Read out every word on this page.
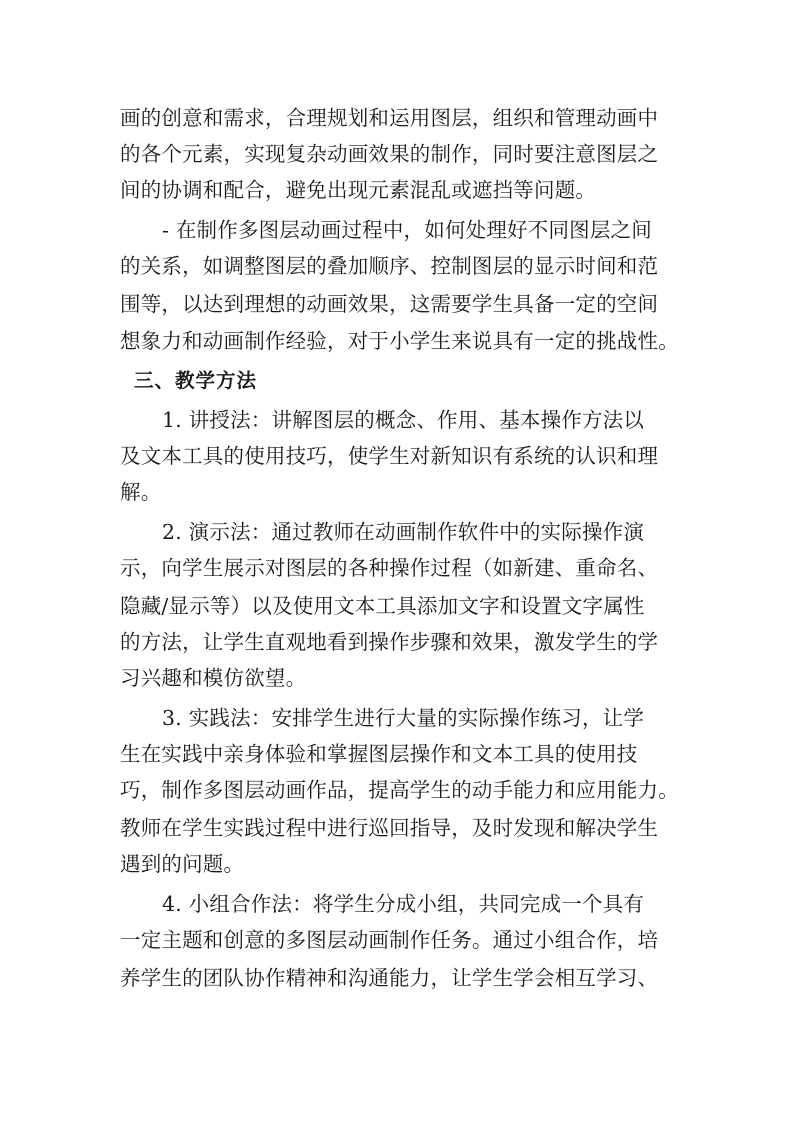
画的创意和需求，合理规划和运用图层，组织和管理动画中
的各个元素，实现复杂动画效果的制作，同时要注意图层之
间的协调和配合，避免出现元素混乱或遮挡等问题。
- 在制作多图层动画过程中，如何处理好不同图层之间
的关系，如调整图层的叠加顺序、控制图层的显示时间和范
围等，以达到理想的动画效果，这需要学生具备一定的空间
想象力和动画制作经验，对于小学生来说具有一定的挑战性。
三、教学方法
1. 讲授法：讲解图层的概念、作用、基本操作方法以
及文本工具的使用技巧，使学生对新知识有系统的认识和理
解。
2. 演示法：通过教师在动画制作软件中的实际操作演
示，向学生展示对图层的各种操作过程（如新建、重命名、
隐藏/显示等）以及使用文本工具添加文字和设置文字属性
的方法，让学生直观地看到操作步骤和效果，激发学生的学
习兴趣和模仿欲望。
3. 实践法：安排学生进行大量的实际操作练习，让学
生在实践中亲身体验和掌握图层操作和文本工具的使用技
巧，制作多图层动画作品，提高学生的动手能力和应用能力。
教师在学生实践过程中进行巡回指导，及时发现和解决学生
遇到的问题。
4. 小组合作法：将学生分成小组，共同完成一个具有
一定主题和创意的多图层动画制作任务。通过小组合作，培
养学生的团队协作精神和沟通能力，让学生学会相互学习、
